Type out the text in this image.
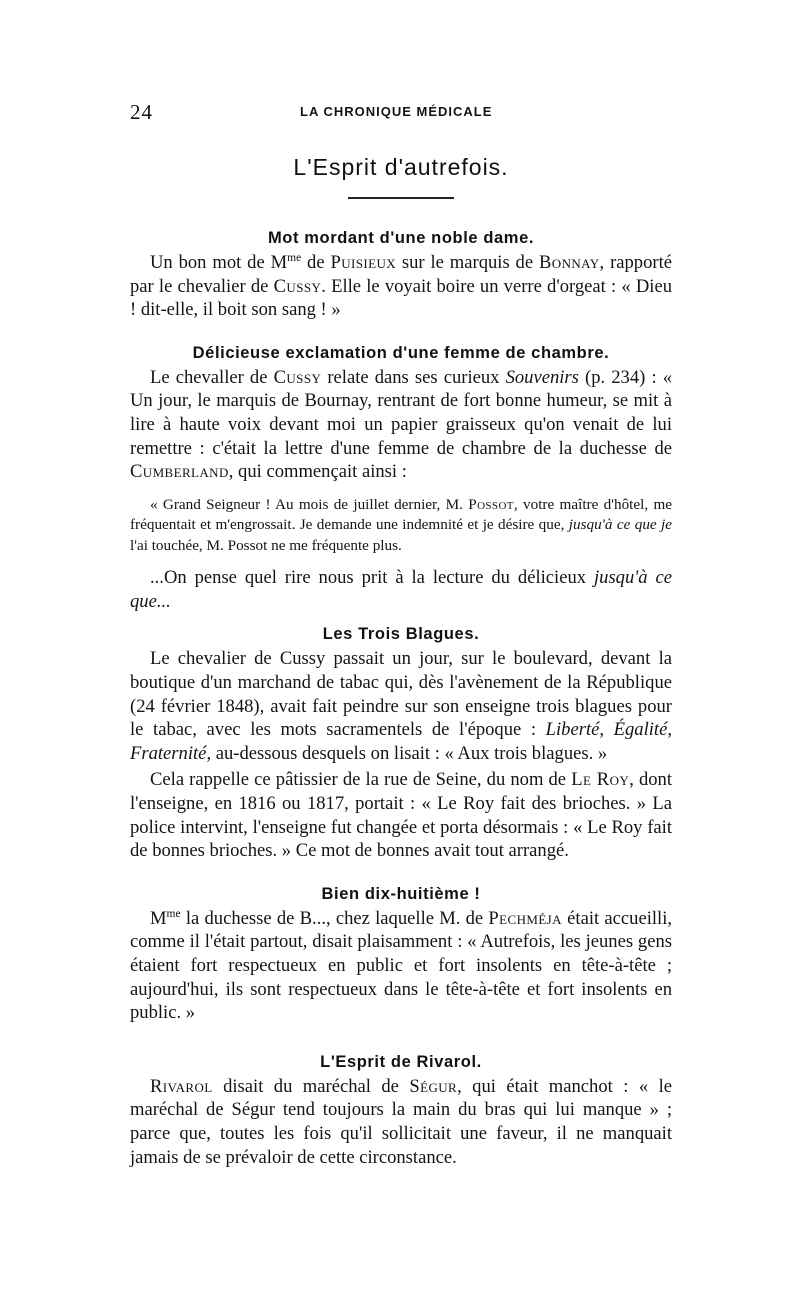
24	LA CHRONIQUE MÉDICALE
L'Esprit d'autrefois.
Mot mordant d'une noble dame.

Un bon mot de $M^{me}$ de Puisieux sur le marquis de Bonnay, rapporté par le chevalier de Cussy. Elle le voyait boire un verre d'orgeat : « Dieu ! dit-elle, il boit son sang ! »

Délicieuse exclamation d'une femme de chambre.

Le chevaller de Cussy relate dans ses curieux Souvenirs (p. 234) : « Un jour, le marquis de Bournay, rentrant de fort bonne humeur, se mit à lire à haute voix devant moi un papier graisseux qu'on venait de lui remettre : c'était la lettre d'une femme de chambre de la duchesse de Cumberland, qui commençait ainsi :

« Grand Seigneur ! Au mois de juillet dernier, M. Possot, votre maître d'hôtel, me fréquentait et m'engrossait. Je demande une indemnité et je désire que, jusqu'à ce que je l'ai touchée, M. Possot ne me fréquente plus.

...On pense quel rire nous prit à la lecture du délicieux jusqu'à ce que...

Les Trois Blagues.

Le chevalier de Cussy passait un jour, sur le boulevard, devant la boutique d'un marchand de tabac qui, dès l'avènement de la République (24 février 1848), avait fait peindre sur son enseigne trois blagues pour le tabac, avec les mots sacramentels de l'époque : Liberté, Égalité, Fraternité, au-dessous desquels on lisait : « Aux trois blagues. »

Cela rappelle ce pâtissier de la rue de Seine, du nom de Le Roy, dont l'enseigne, en 1816 ou 1817, portait : « Le Roy fait des brioches. » La police intervint, l'enseigne fut changée et porta désormais : « Le Roy fait de bonnes brioches. » Ce mot de bonnes avait tout arrangé.

Bien dix-huitième !

$M^{me}$ la duchesse de B..., chez laquelle M. de Pechméja était accueilli, comme il l'était partout, disait plaisamment : « Autrefois, les jeunes gens étaient fort respectueux en public et fort insolents en tête-à-tête ; aujourd'hui, ils sont respectueux dans le tête-à-tête et fort insolents en public. »

L'Esprit de Rivarol.

Rivarol disait du maréchal de Ségur, qui était manchot : « le maréchal de Ségur tend toujours la main du bras qui lui manque » ; parce que, toutes les fois qu'il sollicitait une faveur, il ne manquait jamais de se prévaloir de cette circonstance.
